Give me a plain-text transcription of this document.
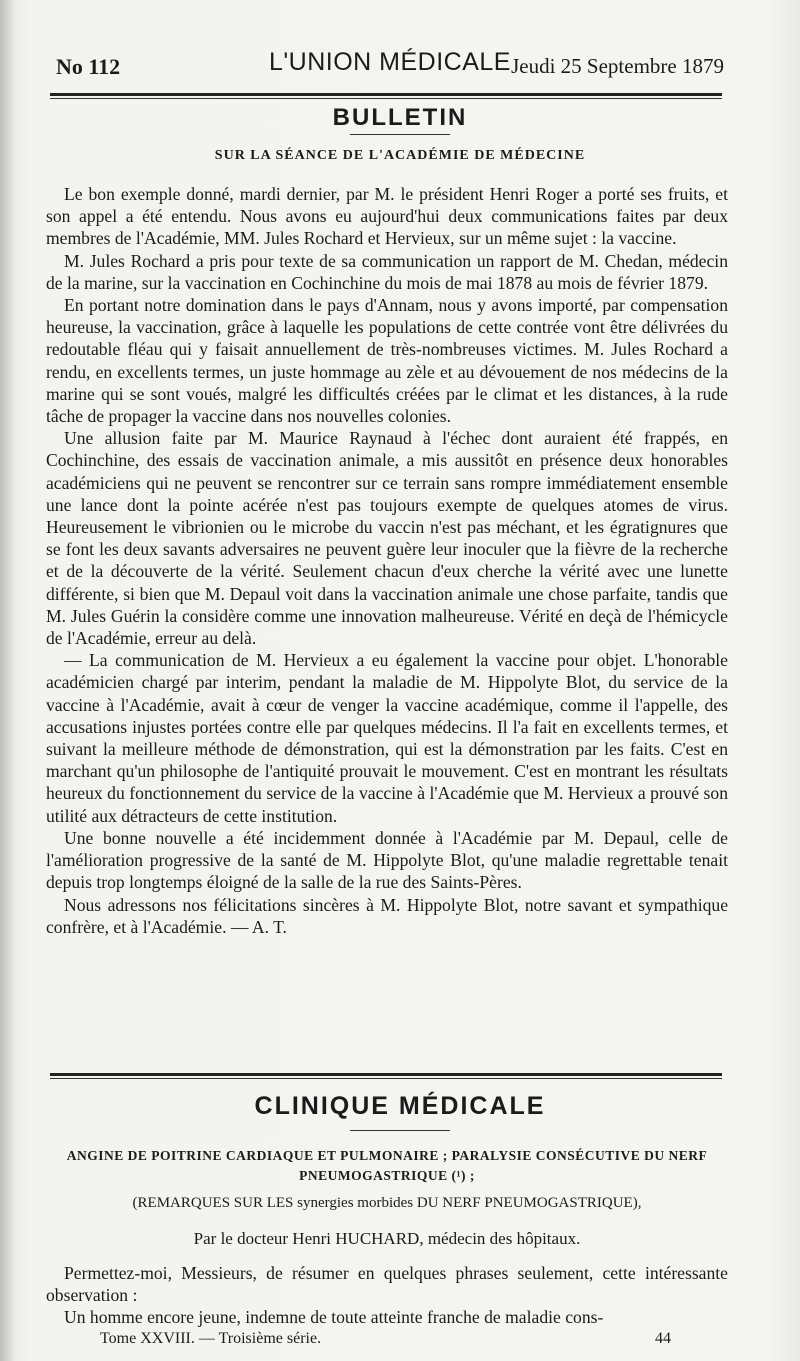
No 112	L'UNION MÉDICALE Jeudi 25 Septembre 1879
BULLETIN
SUR LA SÉANCE DE L'ACADÉMIE DE MÉDECINE

Le bon exemple donné, mardi dernier, par M. le président Henri Roger a porté ses fruits, et son appel a été entendu. Nous avons eu aujourd'hui deux communications faites par deux membres de l'Académie, MM. Jules Rochard et Hervieux, sur un même sujet : la vaccine.

M. Jules Rochard a pris pour texte de sa communication un rapport de M. Chedan, médecin de la marine, sur la vaccination en Cochinchine du mois de mai 1878 au mois de février 1879.

En portant notre domination dans le pays d'Annam, nous y avons importé, par compensation heureuse, la vaccination, grâce à laquelle les populations de cette contrée vont être délivrées du redoutable fléau qui y faisait annuellement de très-nombreuses victimes. M. Jules Rochard a rendu, en excellents termes, un juste hommage au zèle et au dévouement de nos médecins de la marine qui se sont voués, malgré les difficultés créées par le climat et les distances, à la rude tâche de propager la vaccine dans nos nouvelles colonies.

Une allusion faite par M. Maurice Raynaud à l'échec dont auraient été frappés, en Cochinchine, des essais de vaccination animale, a mis aussitôt en présence deux honorables académiciens qui ne peuvent se rencontrer sur ce terrain sans rompre immédiatement ensemble une lance dont la pointe acérée n'est pas toujours exempte de quelques atomes de virus. Heureusement le vibrionien ou le microbe du vaccin n'est pas méchant, et les égratignures que se font les deux savants adversaires ne peuvent guère leur inoculer que la fièvre de la recherche et de la découverte de la vérité. Seulement chacun d'eux cherche la vérité avec une lunette différente, si bien que M. Depaul voit dans la vaccination animale une chose parfaite, tandis que M. Jules Guérin la considère comme une innovation malheureuse. Vérité en deçà de l'hémicycle de l'Académie, erreur au delà.

— La communication de M. Hervieux a eu également la vaccine pour objet. L'honorable académicien chargé par interim, pendant la maladie de M. Hippolyte Blot, du service de la vaccine à l'Académie, avait à cœur de venger la vaccine académique, comme il l'appelle, des accusations injustes portées contre elle par quelques médecins. Il l'a fait en excellents termes, et suivant la meilleure méthode de démonstration, qui est la démonstration par les faits. C'est en marchant qu'un philosophe de l'antiquité prouvait le mouvement. C'est en montrant les résultats heureux du fonctionnement du service de la vaccine à l'Académie que M. Hervieux a prouvé son utilité aux détracteurs de cette institution.

Une bonne nouvelle a été incidemment donnée à l'Académie par M. Depaul, celle de l'amélioration progressive de la santé de M. Hippolyte Blot, qu'une maladie regrettable tenait depuis trop longtemps éloigné de la salle de la rue des Saints-Pères.

Nous adressons nos félicitations sincères à M. Hippolyte Blot, notre savant et sympathique confrère, et à l'Académie. — A. T.

CLINIQUE MÉDICALE
ANGINE DE POITRINE CARDIAQUE ET PULMONAIRE ; PARALYSIE CONSÉCUTIVE DU NERF PNEUMOGASTRIQUE (¹) ;
(REMARQUES SUR LES synergies morbides DU NERF PNEUMOGASTRIQUE),
Par le docteur Henri HUCHARD, médecin des hôpitaux.

Permettez-moi, Messieurs, de résumer en quelques phrases seulement, cette intéressante observation :

Un homme encore jeune, indemne de toute atteinte franche de maladie cons-

Tome XXVIII. — Troisième série.	44
